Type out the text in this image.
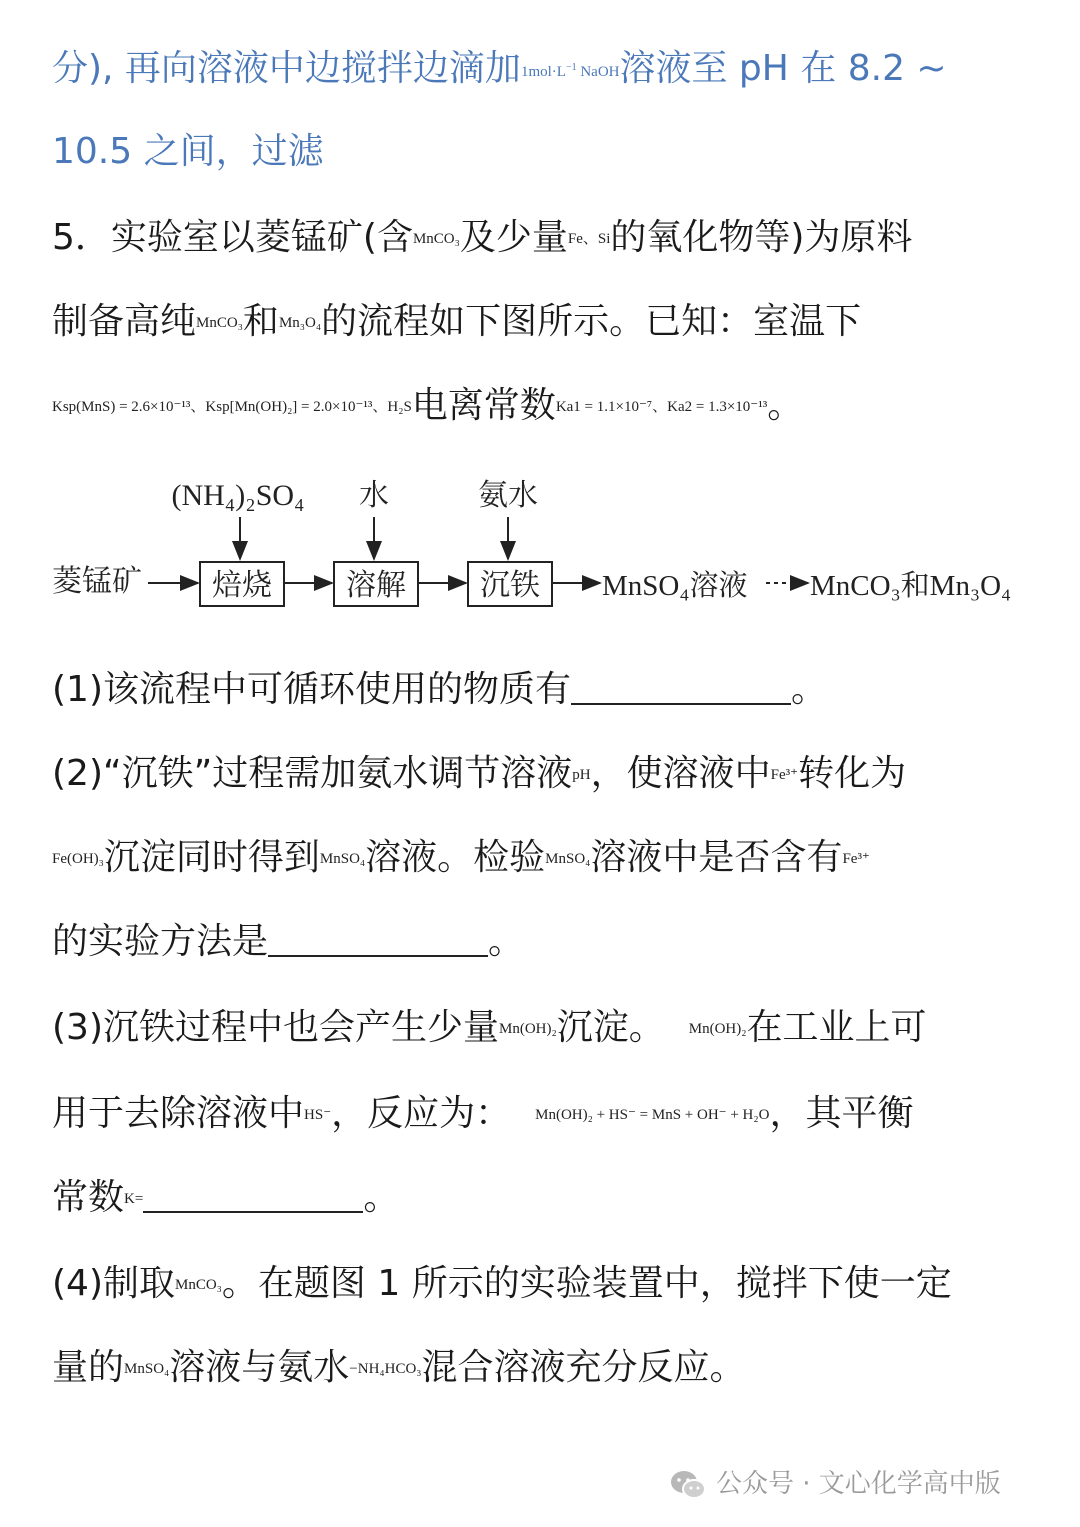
分), 再向溶液中边搅拌边滴加$1mol\cdot L^{-1}$ NaOH溶液至 pH 在 8.2 ~
10.5 之间，过滤
5．实验室以菱锰矿(含MnCO₃及少量Fe、Si的氧化物等)为原料
制备高纯MnCO₃和Mn₃O₄的流程如下图所示。已知：室温下
Ksp(MnS) = 2.6×10⁻¹³、Ksp[Mn(OH)₂] = 2.0×10⁻¹³、H₂S电离常数Ka1 = 1.1×10⁻⁷、Ka2 = 1.3×10⁻¹³。
(NH₄)₂SO₄ 水	氨水
菱锰矿 焙烧 溶解 沉铁 MnSO₄溶液 MnCO₃和Mn₃O₄
(1)该流程中可循环使用的物质有	。
(2)“沉铁”过程需加氨水调节溶液pH，使溶液中Fe³⁺转化为
Fe(OH)₃沉淀同时得到MnSO₄溶液。检验MnSO₄溶液中是否含有Fe³⁺
的实验方法是	。
(3)沉铁过程中也会产生少量Mn(OH)₂沉淀。 Mn(OH)₂在工业上可
用于去除溶液中HS⁻，反应为： Mn(OH)₂ + HS⁻ = MnS + OH⁻ + H₂O，其平衡
常数K=	。
(4)制取MnCO₃。在题图 1 所示的实验装置中，搅拌下使一定
量的MnSO₄溶液与氨水−NH₄HCO₃混合溶液充分反应。
公众号 · 文心化学高中版
